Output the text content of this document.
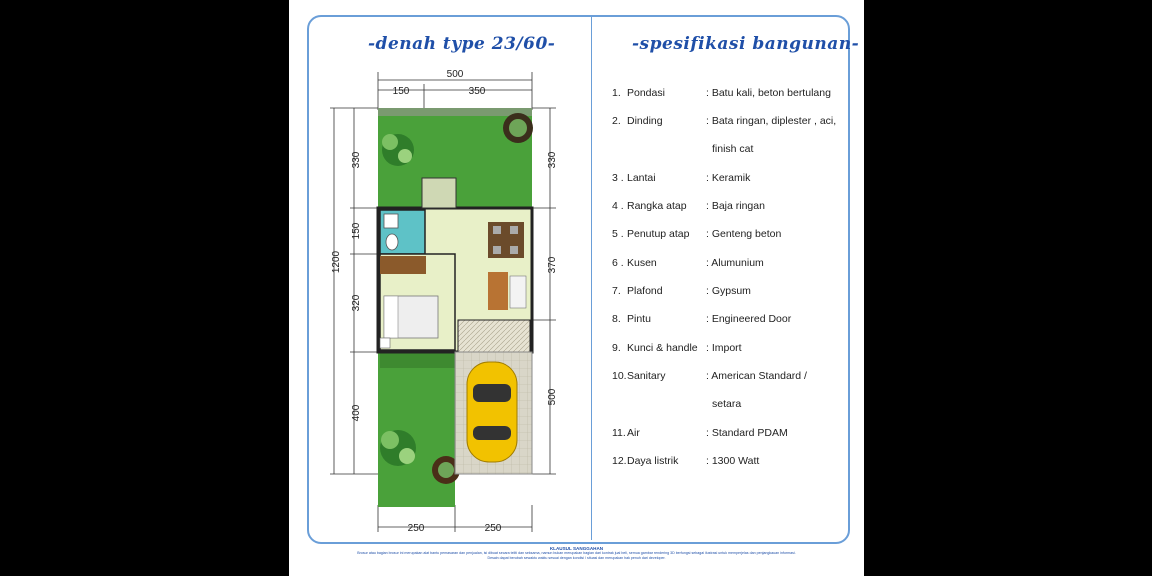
-denah type 23/60-	-spesifikasi bangunan-
500
150	350
1200
330
150
320
400
330
370
500
250	250
1. Pondasi	: Batu kali, beton bertulang
2. Dinding	: Bata ringan, diplester , aci,
finish cat
3 . Lantai	: Keramik
4 . Rangka atap : Baja ringan
5 . Penutup atap : Genteng beton
6 . Kusen	: Alumunium
7. Plafond	: Gypsum
8. Pintu	: Engineered Door
9. Kunci & handle : Import
10. Sanitary	: American Standard /
setara
11. Air	: Standard PDAM
12. Daya listrik	: 1300 Watt
KLAUSUL SANGGAHAN
Brosur atau bagian brosur ini merupakan alat bantu pemasaran dan penjualan, isi dibuat secara teliti dan seksama, namun bukan merupakan bagian dari kontrak jual beli, semua gambar rendering 3D berfungsi sebagai ilustrasi untuk memperjelas dan penjangkauan informasi.
Desain dapat berubah sewaktu waktu sesuai dengan kondisi / situasi dan merupakan hak penuh dari developer.
